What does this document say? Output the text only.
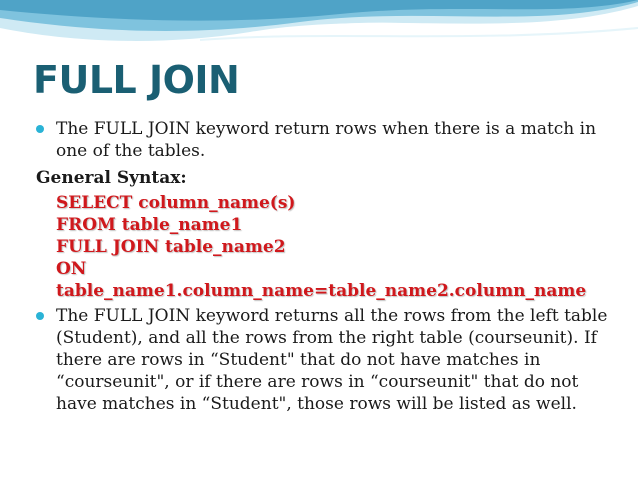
FULL JOIN
The FULL JOIN keyword return rows when there is a match in one of the tables.
General Syntax:
SELECT column_name(s)
FROM table_name1
FULL JOIN table_name2
ON
table_name1.column_name=table_name2.column_name
The FULL JOIN keyword returns all the rows from the left table (Student), and all the rows from the right table (courseunit). If there are rows in “Student" that do not have matches in “courseunit", or if there are rows in “courseunit" that do not have matches in “Student", those rows will be listed as well.
